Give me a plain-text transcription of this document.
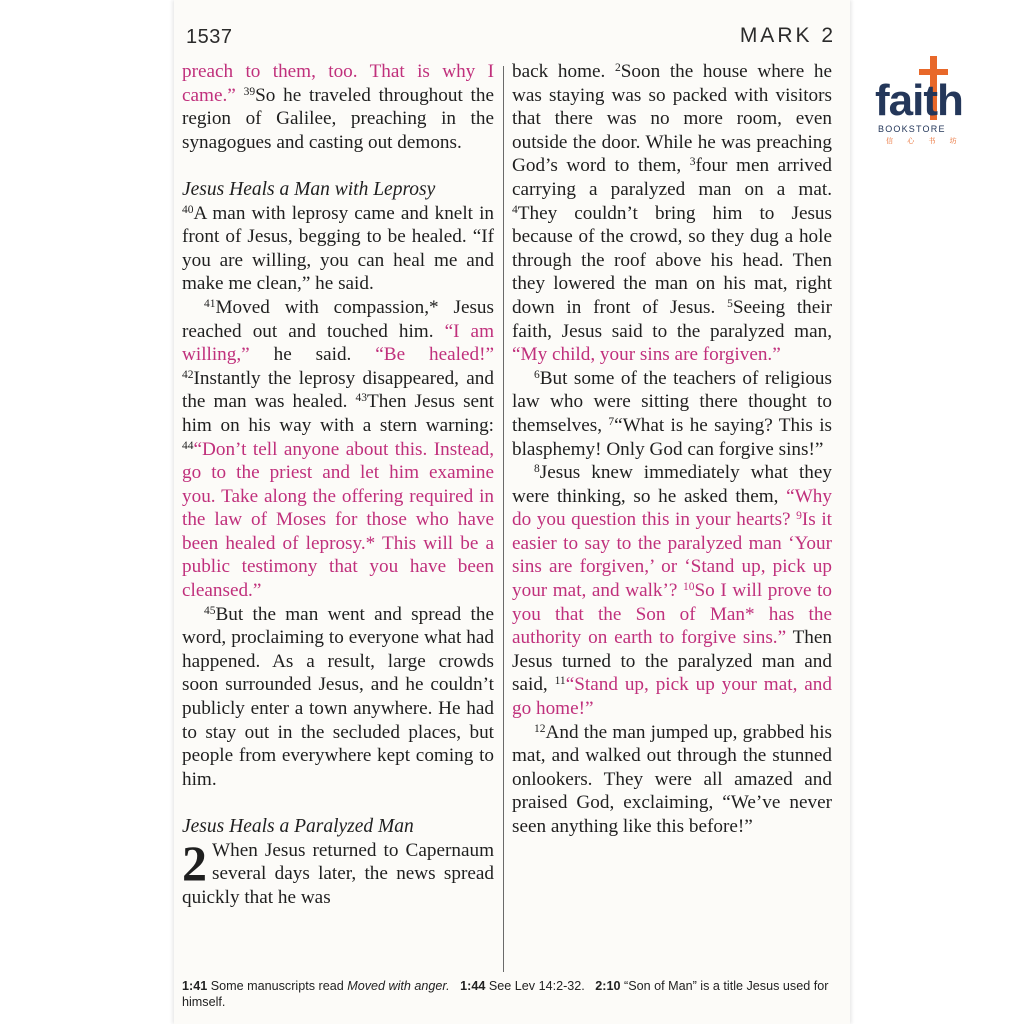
1537	MARK 2

preach to them, too. That is why I came.” $^{39}$So he traveled throughout the region of Galilee, preaching in the synagogues and casting out demons.

Jesus Heals a Man with Leprosy

$^{40}$A man with leprosy came and knelt in front of Jesus, begging to be healed. “If you are willing, you can heal me and make me clean,” he said.

$^{41}$Moved with compassion,* Jesus reached out and touched him. “I am willing,” he said. “Be healed!” $^{42}$Instantly the leprosy disappeared, and the man was healed. $^{43}$Then Jesus sent him on his way with a stern warning: $^{44}$“Don’t tell anyone about this. Instead, go to the priest and let him examine you. Take along the offering required in the law of Moses for those who have been healed of leprosy.* This will be a public testimony that you have been cleansed.”

$^{45}$But the man went and spread the word, proclaiming to everyone what had happened. As a result, large crowds soon surrounded Jesus, and he couldn’t publicly enter a town anywhere. He had to stay out in the secluded places, but people from everywhere kept coming to him.

Jesus Heals a Paralyzed Man

2 When Jesus returned to Capernaum several days later, the news spread quickly that he was

back home. $^2$Soon the house where he was staying was so packed with visitors that there was no more room, even outside the door. While he was preaching God’s word to them, $^3$four men arrived carrying a paralyzed man on a mat. $^4$They couldn’t bring him to Jesus because of the crowd, so they dug a hole through the roof above his head. Then they lowered the man on his mat, right down in front of Jesus. $^5$Seeing their faith, Jesus said to the paralyzed man, “My child, your sins are forgiven.”

$^6$But some of the teachers of religious law who were sitting there thought to themselves, $^7$“What is he saying? This is blasphemy! Only God can forgive sins!”

$^8$Jesus knew immediately what they were thinking, so he asked them, “Why do you question this in your hearts? $^9$Is it easier to say to the paralyzed man ‘Your sins are forgiven,’ or ‘Stand up, pick up your mat, and walk’? $^{10}$So I will prove to you that the Son of Man* has the authority on earth to forgive sins.” Then Jesus turned to the paralyzed man and said, $^{11}$“Stand up, pick up your mat, and go home!”

$^{12}$And the man jumped up, grabbed his mat, and walked out through the stunned onlookers. They were all amazed and praised God, exclaiming, “We’ve never seen anything like this before!”

1:41 Some manuscripts read Moved with anger. 1:44 See Lev 14:2-32. 2:10 “Son of Man” is a title Jesus used for himself.
faith
BOOKSTORE
信 心 书 坊
